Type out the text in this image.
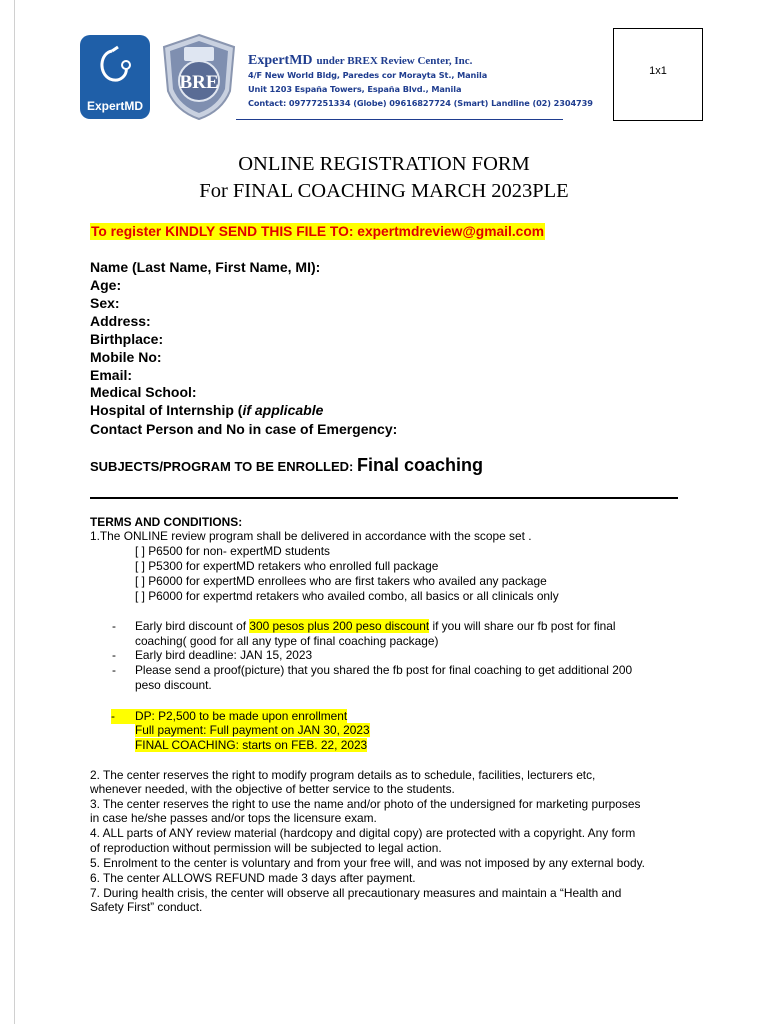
ExpertMD
BRE
ExpertMD under BREX Review Center, Inc.
4/F New World Bldg, Paredes cor Morayta St., Manila
Unit 1203 España Towers, España Blvd., Manila
Contact: 09777251334 (Globe) 09616827724 (Smart) Landline (02) 2304739
1x1
ONLINE REGISTRATION FORM
For FINAL COACHING MARCH 2023PLE
To register KINDLY SEND THIS FILE TO: expertmdreview@gmail.com
Name (Last Name, First Name, MI):
Age:
Sex:
Address:
Birthplace:
Mobile No:
Email:
Medical School:
Hospital of Internship (if applicable
Contact Person and No in case of Emergency:
SUBJECTS/PROGRAM TO BE ENROLLED: Final coaching
TERMS AND CONDITIONS:
1.The ONLINE review program shall be delivered in accordance with the scope set .
[ ] P6500 for non- expertMD students
[ ] P5300 for expertMD retakers who enrolled full package
[ ] P6000 for expertMD enrollees who are first takers who availed any package
[ ] P6000 for expertmd retakers who availed combo, all basics or all clinicals only
- Early bird discount of 300 pesos plus 200 peso discount if you will share our fb post for final
coaching( good for all any type of final coaching package)
- Early bird deadline: JAN 15, 2023
- Please send a proof(picture) that you shared the fb post for final coaching to get additional 200
peso discount.
-	DP: P2,500 to be made upon enrollment
Full payment: Full payment on JAN 30, 2023
FINAL COACHING: starts on FEB. 22, 2023
2. The center reserves the right to modify program details as to schedule, facilities, lecturers etc,
whenever needed, with the objective of better service to the students.
3. The center reserves the right to use the name and/or photo of the undersigned for marketing purposes
in case he/she passes and/or tops the licensure exam.
4. ALL parts of ANY review material (hardcopy and digital copy) are protected with a copyright. Any form
of reproduction without permission will be subjected to legal action.
5. Enrolment to the center is voluntary and from your free will, and was not imposed by any external body.
6. The center ALLOWS REFUND made 3 days after payment.
7. During health crisis, the center will observe all precautionary measures and maintain a “Health and
Safety First” conduct.
